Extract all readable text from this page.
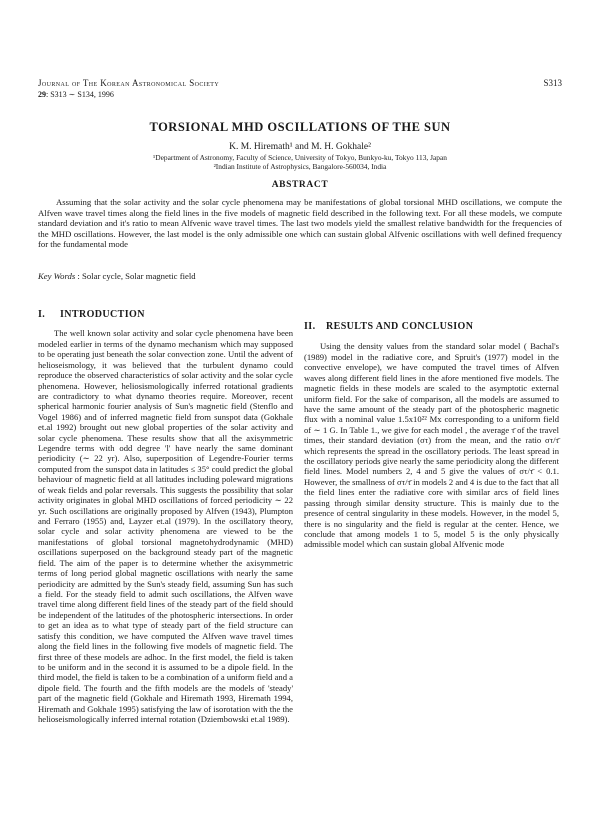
Journal of The Korean Astronomical Society
29: S313 ∼ S134, 1996
S313
TORSIONAL MHD OSCILLATIONS OF THE SUN
K. M. Hiremath¹ and M. H. Gokhale²
¹Department of Astronomy, Faculty of Science, University of Tokyo, Bunkyo-ku, Tokyo 113, Japan
²Indian Institute of Astrophysics, Bangalore-560034, India
ABSTRACT

Assuming that the solar activity and the solar cycle phenomena may be manifestations of global torsional MHD oscillations, we compute the Alfven wave travel times along the field lines in the five models of magnetic field described in the following text. For all these models, we compute standard deviation and it's ratio to mean Alfvenic wave travel times. The last two models yield the smallest relative bandwidth for the frequencies of the MHD oscillations. However, the last model is the only admissible one which can sustain global Alfvenic oscillations with well defined frequency for the fundamental mode

Key Words : Solar cycle, Solar magnetic field
I. INTRODUCTION

The well known solar activity and solar cycle phenomena have been modeled earlier in terms of the dynamo mechanism which may supposed to be operating just beneath the solar convection zone. Until the advent of helioseismology, it was believed that the turbulent dynamo could reproduce the observed characteristics of solar activity and the solar cycle phenomena. However, heliosismologically inferred rotational gradients are contradictory to what dynamo theories require. Moreover, recent spherical harmonic fourier analysis of Sun's magnetic field (Stenflo and Vogel 1986) and of inferred magnetic field from sunspot data (Gokhale et.al 1992) brought out new global properties of the solar activity and solar cycle phenomena. These results show that all the axisymmetric Legendre terms with odd degree 'l' have nearly the same dominant periodicity (∼ 22 yr). Also, superposition of Legendre-Fourier terms computed from the sunspot data in latitudes ≤ 35° could predict the global behaviour of magnetic field at all latitudes including poleward migrations of weak fields and polar reversals. This suggests the possibility that solar activity originates in global MHD oscillations of forced periodicity ∼ 22 yr. Such oscillations are originally proposed by Alfven (1943), Plumpton and Ferraro (1955) and, Layzer et.al (1979). In the oscillatory theory, solar cycle and solar activity phenomena are viewed to be the manifestations of global torsional magnetohydrodynamic (MHD) oscillations superposed on the background steady part of the magnetic field. The aim of the paper is to determine whether the axisymmetric terms of long period global magnetic oscillations with nearly the same periodicity are admitted by the Sun's steady field, assuming Sun has such a field. For the steady field to admit such oscillations, the Alfven wave travel time along different field lines of the steady part of the field should be independent of the latitudes of the photospheric intersections. In order to get an idea as to what type of steady part of the field structure can satisfy this condition, we have computed the Alfven wave travel times along the field lines in the following five models of magnetic field. The first three of these models are adhoc. In the first model, the field is taken to be uniform and in the second it is assumed to be a dipole field. In the third model, the field is taken to be a combination of a uniform field and a dipole field. The fourth and the fifth models are the models of 'steady' part of the magnetic field (Gokhale and Hiremath 1993, Hiremath 1994, Hiremath and Gokhale 1995) satisfying the law of isorotation with the the helioseismologically inferred internal rotation (Dziembowski et.al 1989).

II. RESULTS AND CONCLUSION

Using the density values from the standard solar model ( Bachal's (1989) model in the radiative core, and Spruit's (1977) model in the convective envelope), we have computed the travel times of Alfven waves along different field lines in the afore mentioned five models. The magnetic fields in these models are scaled to the asymptotic external uniform field. For the sake of comparison, all the models are assumed to have the same amount of the steady part of the photospheric magnetic flux with a nominal value 1.5x10²² Mx corresponding to a uniform field of ∼ 1 G. In Table 1., we give for each model , the average τ̄ of the travel times, their standard deviation (στ) from the mean, and the ratio στ/τ̄ which represents the spread in the oscillatory periods. The least spread in the oscillatory periods give nearly the same periodicity along the different field lines. Model numbers 2, 4 and 5 give the values of στ/τ̄ < 0.1. However, the smallness of στ/τ̄ in models 2 and 4 is due to the fact that all the field lines enter the radiative core with similar arcs of field lines passing through similar density structure. This is mainly due to the presence of central singularity in these models. However, in the model 5, there is no singularity and the field is regular at the center. Hence, we conclude that among models 1 to 5, model 5 is the only physically admissible model which can sustain global Alfvenic mode
